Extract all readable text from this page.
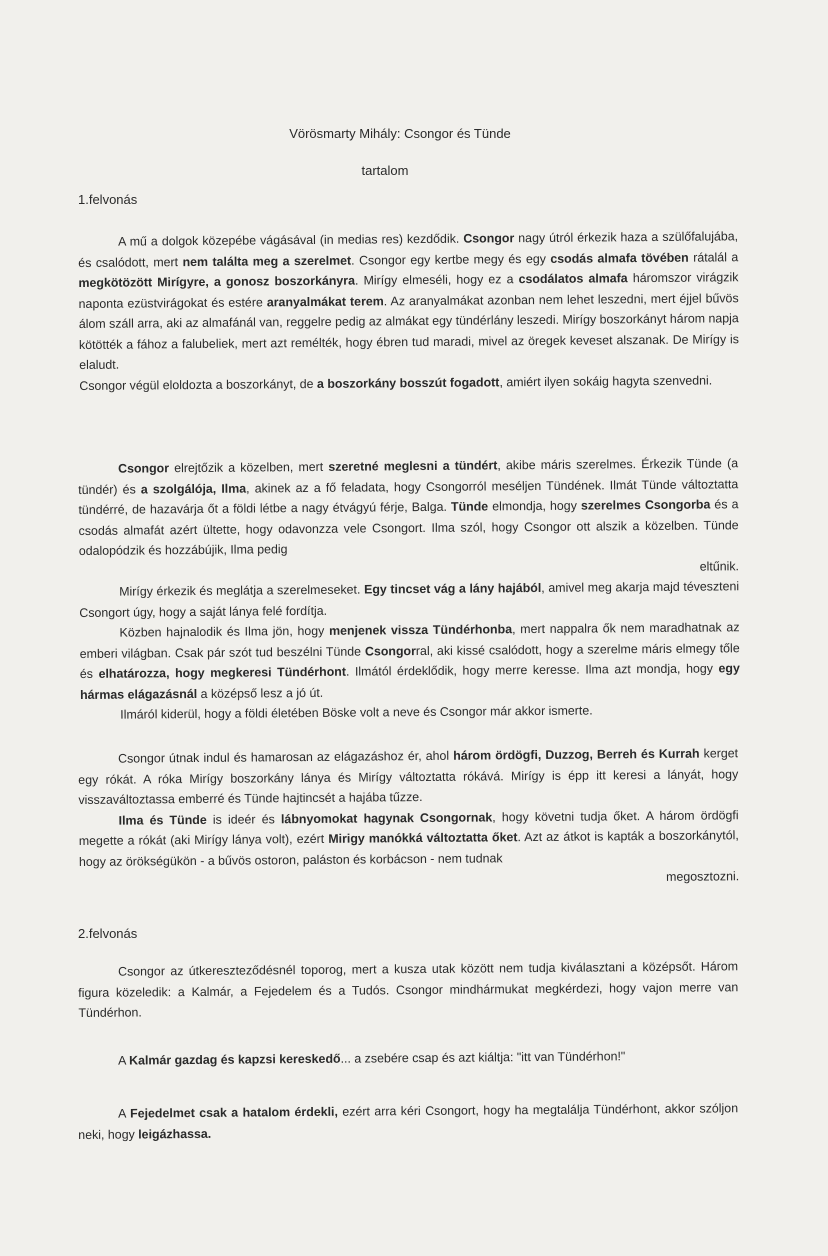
Vörösmarty Mihály: Csongor és Tünde
tartalom
1.felvonás

A mű a dolgok közepébe vágásával (in medias res) kezdődik. Csongor nagy útról érkezik haza a szülőfalujába, és csalódott, mert nem találta meg a szerelmet. Csongor egy kertbe megy és egy csodás almafa tövében rátalál a megkötözött Mirígyre, a gonosz boszorkányra. Mirígy elmeséli, hogy ez a csodálatos almafa háromszor virágzik naponta ezüstvirágokat és estére aranyalmákat terem. Az aranyalmákat azonban nem lehet leszedni, mert éjjel bűvös álom száll arra, aki az almafánál van, reggelre pedig az almákat egy tündérlány leszedi. Mirígy boszorkányt három napja kötötték a fához a falubeliek, mert azt remélték, hogy ébren tud maradi, mivel az öregek keveset alszanak. De Mirígy is elaludt.

Csongor végül eloldozta a boszorkányt, de a boszorkány bosszút fogadott, amiért ilyen sokáig hagyta szenvedni.

Csongor elrejtőzik a közelben, mert szeretné meglesni a tündért, akibe máris szerelmes. Érkezik Tünde (a tündér) és a szolgálója, Ilma, akinek az a fő feladata, hogy Csongorról meséljen Tündének. Ilmát Tünde változtatta tündérré, de hazavárja őt a földi létbe a nagy étvágyú férje, Balga. Tünde elmondja, hogy szerelmes Csongorba és a csodás almafát azért ültette, hogy odavonzza vele Csongort. Ilma szól, hogy Csongor ott alszik a közelben. Tünde odalopódzik és hozzábújik, Ilma pedig

eltűnik.

Mirígy érkezik és meglátja a szerelmeseket. Egy tincset vág a lány hajából, amivel meg akarja majd téveszteni Csongort úgy, hogy a saját lánya felé fordítja.

Közben hajnalodik és Ilma jön, hogy menjenek vissza Tündérhonba, mert nappalra ők nem maradhatnak az emberi világban. Csak pár szót tud beszélni Tünde Csongorral, aki kissé csalódott, hogy a szerelme máris elmegy tőle és elhatározza, hogy megkeresi Tündérhont. Ilmától érdeklődik, hogy merre keresse. Ilma azt mondja, hogy egy hármas elágazásnál a középső lesz a jó út.

Ilmáról kiderül, hogy a földi életében Böske volt a neve és Csongor már akkor ismerte.

Csongor útnak indul és hamarosan az elágazáshoz ér, ahol három ördögfi, Duzzog, Berreh és Kurrah kerget egy rókát. A róka Mirígy boszorkány lánya és Mirígy változtatta rókává. Mirígy is épp itt keresi a lányát, hogy visszaváltoztassa emberré és Tünde hajtincsét a hajába tűzze.

Ilma és Tünde is ideér és lábnyomokat hagynak Csongornak, hogy követni tudja őket. A három ördögfi megette a rókát (aki Mirígy lánya volt), ezért Mirigy manókká változtatta őket. Azt az átkot is kapták a boszorkánytól, hogy az örökségükön - a bűvös ostoron, paláston és korbácson - nem tudnak

megosztozni.

2.felvonás

Csongor az útkereszteződésnél toporog, mert a kusza utak között nem tudja kiválasztani a középsőt. Három figura közeledik: a Kalmár, a Fejedelem és a Tudós. Csongor mindhármukat megkérdezi, hogy vajon merre van Tündérhon.

A Kalmár gazdag és kapzsi kereskedő... a zsebére csap és azt kiáltja: "itt van Tündérhon!"

A Fejedelmet csak a hatalom érdekli, ezért arra kéri Csongort, hogy ha megtalálja Tündérhont, akkor szóljon neki, hogy leigázhassa.
